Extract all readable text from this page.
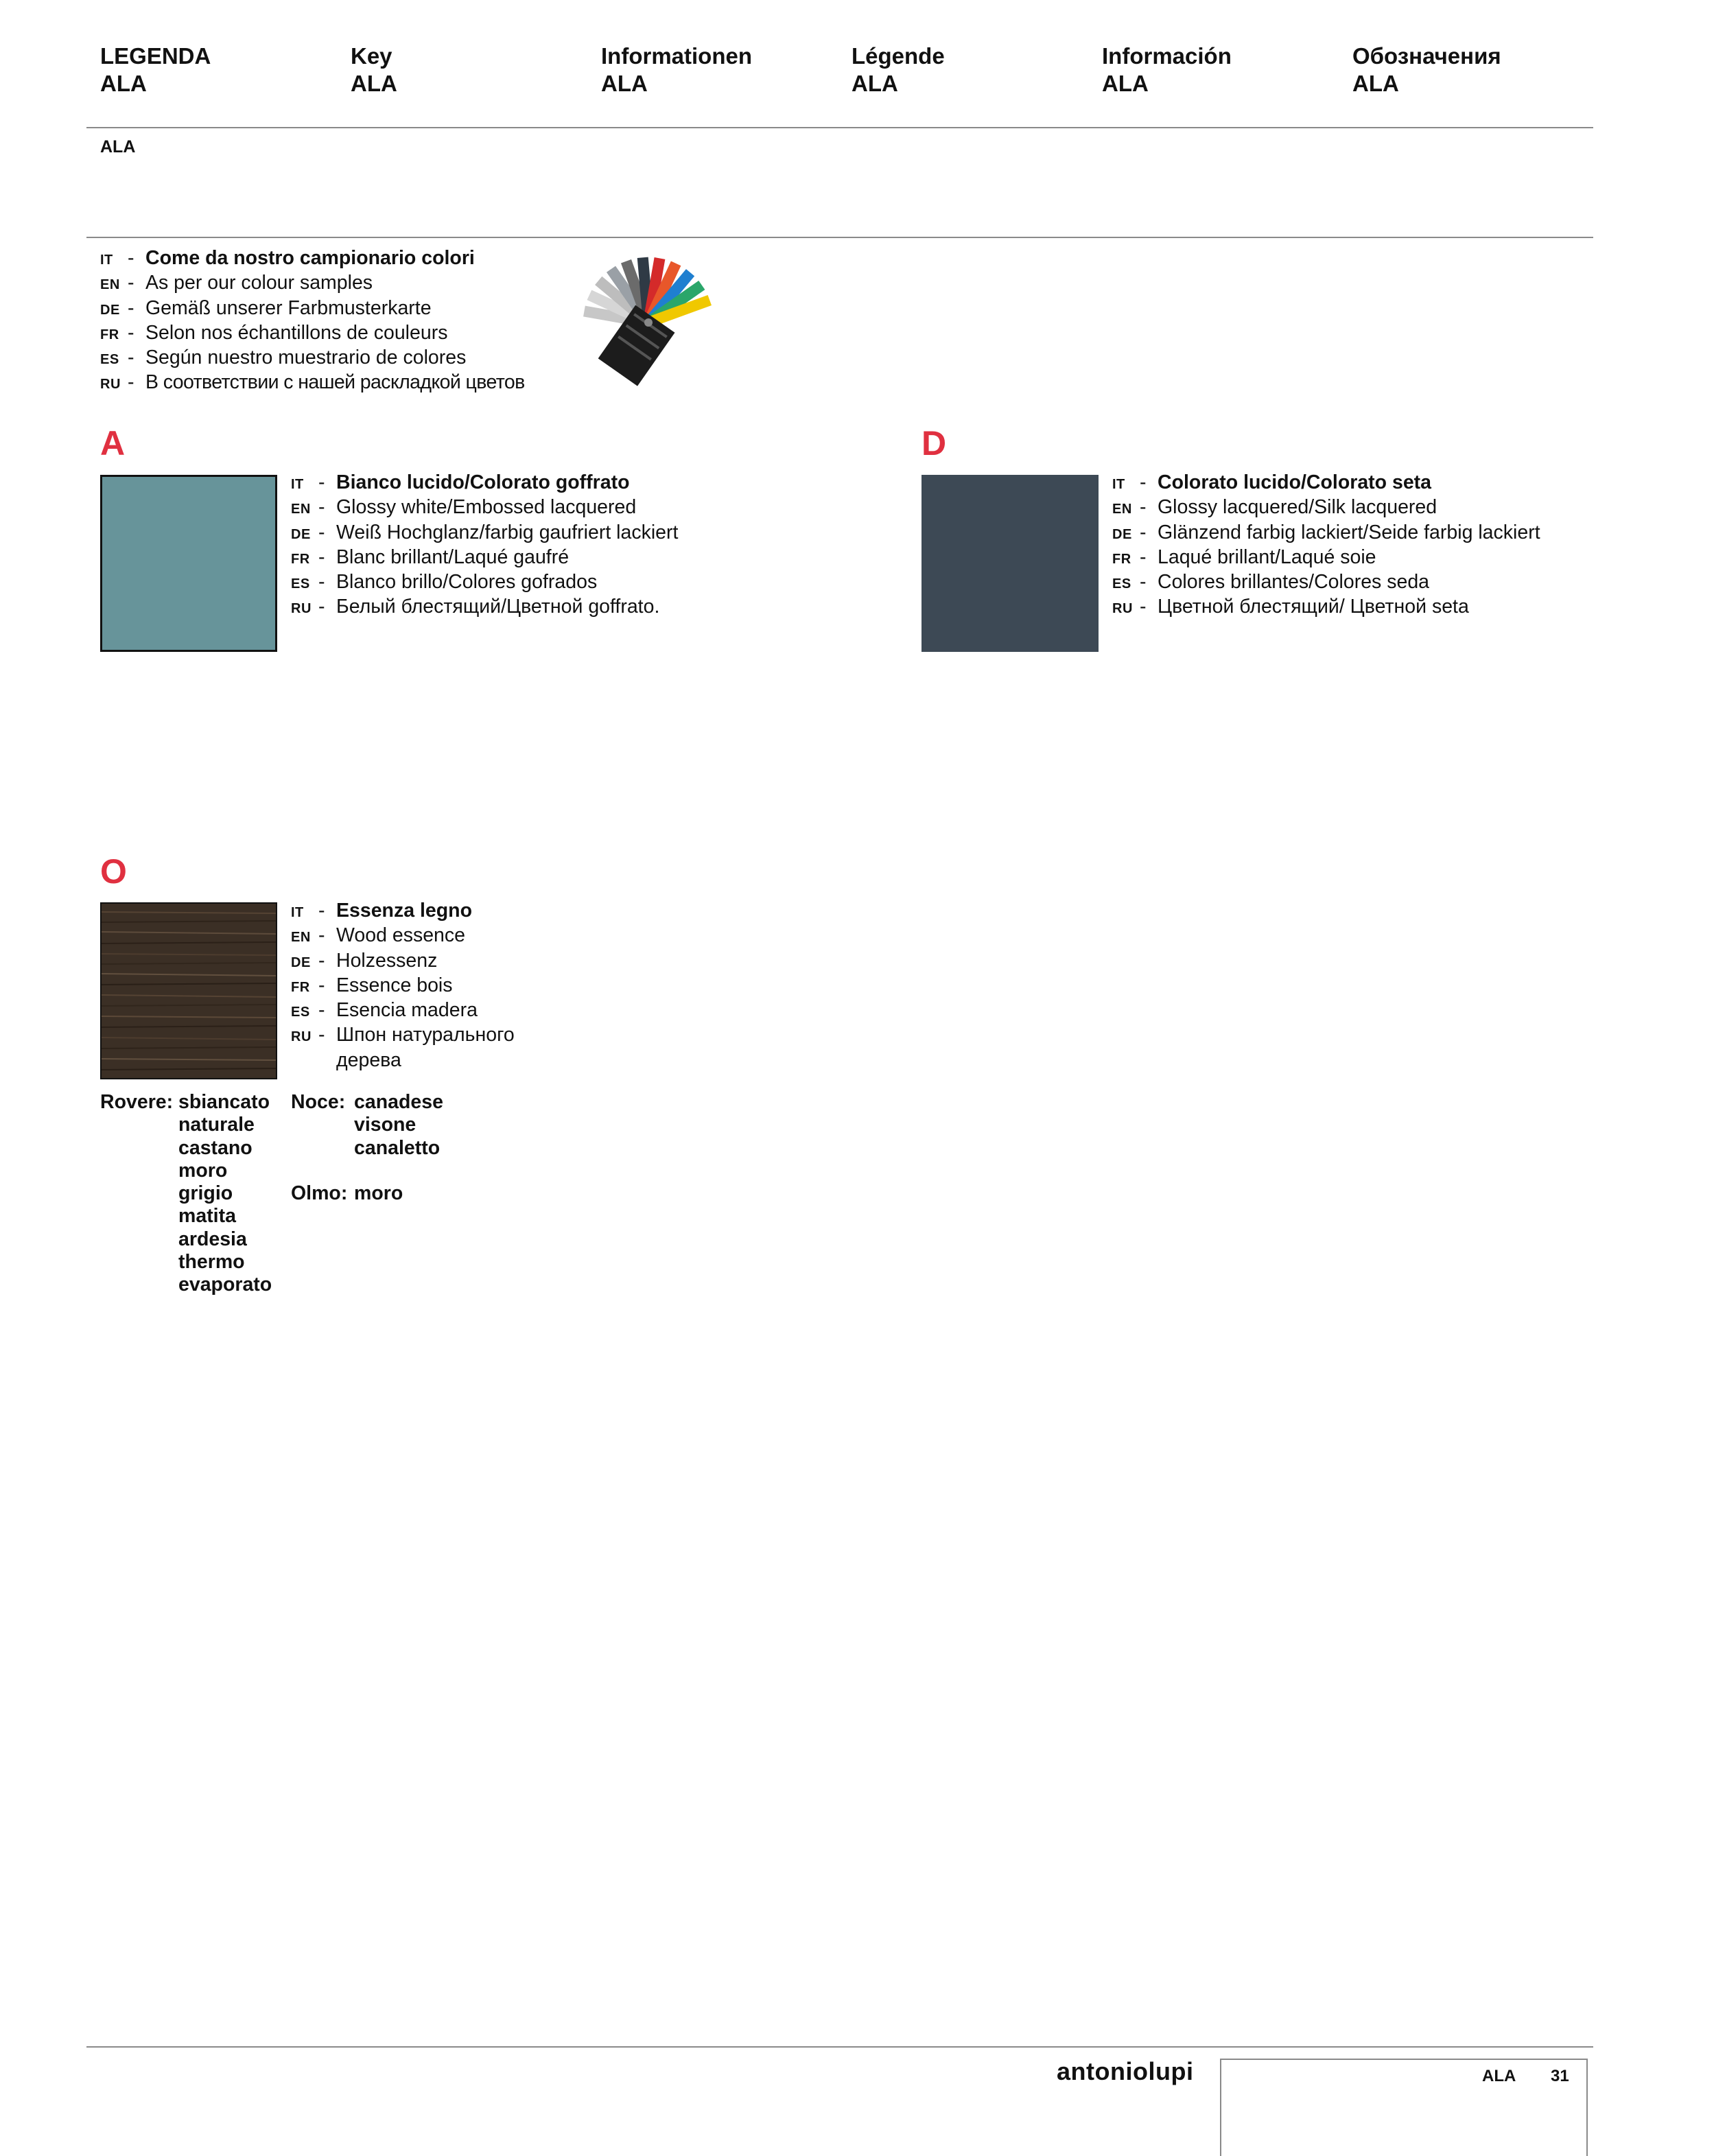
LEGENDA
ALA
Key
ALA
Informationen
ALA
Légende
ALA
Información
ALA
Обозначения
ALA
ALA
IT - Come da nostro campionario colori
EN - As per our colour samples
DE - Gemäß unserer Farbmusterkarte
FR - Selon nos échantillons de couleurs
ES - Según nuestro muestrario de colores
RU - В соответствии с нашей раскладкой цветов
A
IT - Bianco lucido/Colorato goffrato
EN - Glossy white/Embossed lacquered
DE - Weiß Hochglanz/farbig gaufriert lackiert
FR - Blanc brillant/Laqué gaufré
ES - Blanco brillo/Colores gofrados
RU - Белый блестящий/Цветной goffrato.
D
IT - Colorato lucido/Colorato seta
EN - Glossy lacquered/Silk lacquered
DE - Glänzend farbig lackiert/Seide farbig lackiert
FR - Laqué brillant/Laqué soie
ES - Colores brillantes/Colores seda
RU - Цветной блестящий/ Цветной seta
O
IT - Essenza legno
EN - Wood essence
DE - Holzessenz
FR - Essence bois
ES - Esencia madera
RU - Шпон натурального
дерева
Rovere: sbiancato
naturale
castano
moro
grigio
matita
ardesia
thermo
evaporato
Noce: canadese
visone
canaletto
Olmo: moro
antoniolupi	ALA 31
